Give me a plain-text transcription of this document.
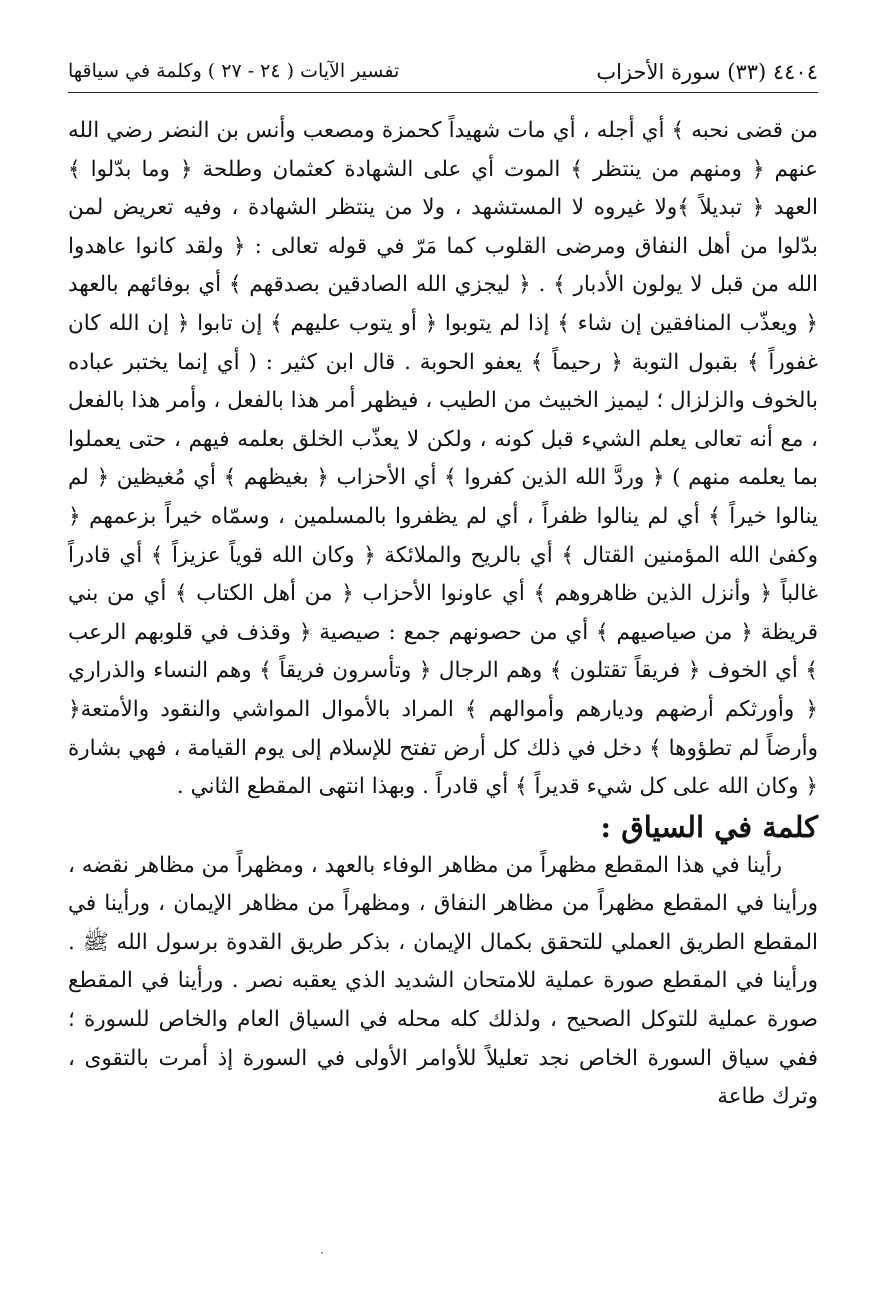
٤٤٠٤ (٣٣) سورة الأحزاب
تفسير الآيات ( ٢٤ - ٢٧ ) وكلمة في سياقها

من قضى نحبه ﴾ أي أجله ، أي مات شهيداً كحمزة ومصعب وأنس بن النضر رضي الله عنهم ﴿ ومنهم من ينتظر ﴾ الموت أي على الشهادة كعثمان وطلحة ﴿ وما بدّلوا ﴾ العهد ﴿ تبديلاً ﴾ولا غيروه لا المستشهد ، ولا من ينتظر الشهادة ، وفيه تعريض لمن بدّلوا من أهل النفاق ومرضى القلوب كما مَرّ في قوله تعالى : ﴿ ولقد كانوا عاهدوا الله من قبل لا يولون الأدبار ﴾ . ﴿ ليجزي الله الصادقين بصدقهم ﴾ أي بوفائهم بالعهد ﴿ ويعذّب المنافقين إن شاء ﴾ إذا لم يتوبوا ﴿ أو يتوب عليهم ﴾ إن تابوا ﴿ إن الله كان غفوراً ﴾ بقبول التوبة ﴿ رحيماً ﴾ يعفو الحوبة . قال ابن كثير : ( أي إنما يختبر عباده بالخوف والزلزال ؛ ليميز الخبيث من الطيب ، فيظهر أمر هذا بالفعل ، وأمر هذا بالفعل ، مع أنه تعالى يعلم الشيء قبل كونه ، ولكن لا يعذّب الخلق بعلمه فيهم ، حتى يعملوا بما يعلمه منهم ) ﴿ وردَّ الله الذين كفروا ﴾ أي الأحزاب ﴿ بغيظهم ﴾ أي مُغيظين ﴿ لم ينالوا خيراً ﴾ أي لم ينالوا ظفراً ، أي لم يظفروا بالمسلمين ، وسمّاه خيراً بزعمهم ﴿ وكفىٰ الله المؤمنين القتال ﴾ أي بالريح والملائكة ﴿ وكان الله قوياً عزيزاً ﴾ أي قادراً غالباً ﴿ وأنزل الذين ظاهروهم ﴾ أي عاونوا الأحزاب ﴿ من أهل الكتاب ﴾ أي من بني قريظة ﴿ من صياصيهم ﴾ أي من حصونهم جمع : صيصية ﴿ وقذف في قلوبهم الرعب ﴾ أي الخوف ﴿ فريقاً تقتلون ﴾ وهم الرجال ﴿ وتأسرون فريقاً ﴾ وهم النساء والذراري ﴿ وأورثكم أرضهم وديارهم وأموالهم ﴾ المراد بالأموال المواشي والنقود والأمتعة﴿ وأرضاً لم تطؤوها ﴾ دخل في ذلك كل أرض تفتح للإسلام إلى يوم القيامة ، فهي بشارة ﴿ وكان الله على كل شيء قديراً ﴾ أي قادراً . وبهذا انتهى المقطع الثاني .

كلمة في السياق :

رأينا في هذا المقطع مظهراً من مظاهر الوفاء بالعهد ، ومظهراً من مظاهر نقضه ، ورأينا في المقطع مظهراً من مظاهر النفاق ، ومظهراً من مظاهر الإيمان ، ورأينا في المقطع الطريق العملي للتحقق بكمال الإيمان ، بذكر طريق القدوة برسول الله ﷺ . ورأينا في المقطع صورة عملية للامتحان الشديد الذي يعقبه نصر . ورأينا في المقطع صورة عملية للتوكل الصحيح ، ولذلك كله محله في السياق العام والخاص للسورة ؛ ففي سياق السورة الخاص نجد تعليلاً للأوامر الأولى في السورة إذ أمرت بالتقوى ، وترك طاعة

·
